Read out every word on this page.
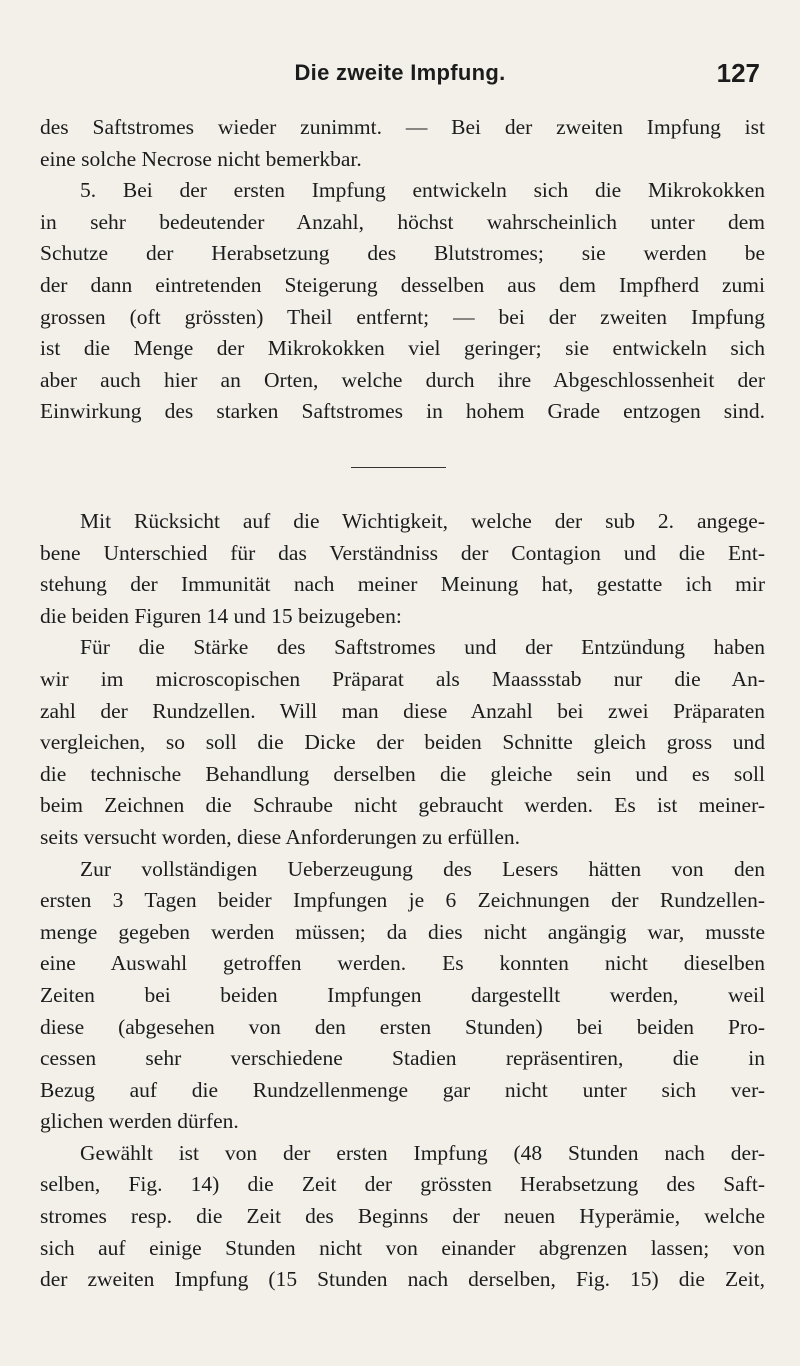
Die zweite Impfung.	127
des Saftstromes wieder zunimmt. — Bei der zweiten Impfung ist
eine solche Necrose nicht bemerkbar.
5. Bei der ersten Impfung entwickeln sich die Mikrokokken
in sehr bedeutender Anzahl, höchst wahrscheinlich unter dem
Schutze der Herabsetzung des Blutstromes; sie werden be
der dann eintretenden Steigerung desselben aus dem Impfherd zumi
grossen (oft grössten) Theil entfernt; — bei der zweiten Impfung
ist die Menge der Mikrokokken viel geringer; sie entwickeln sich
aber auch hier an Orten, welche durch ihre Abgeschlossenheit der
Einwirkung des starken Saftstromes in hohem Grade entzogen sind.
Mit Rücksicht auf die Wichtigkeit, welche der sub 2. angege-
bene Unterschied für das Verständniss der Contagion und die Ent-
stehung der Immunität nach meiner Meinung hat, gestatte ich mir
die beiden Figuren 14 und 15 beizugeben:
Für die Stärke des Saftstromes und der Entzündung haben
wir im microscopischen Präparat als Maassstab nur die An-
zahl der Rundzellen. Will man diese Anzahl bei zwei Präparaten
vergleichen, so soll die Dicke der beiden Schnitte gleich gross und
die technische Behandlung derselben die gleiche sein und es soll
beim Zeichnen die Schraube nicht gebraucht werden. Es ist meiner-
seits versucht worden, diese Anforderungen zu erfüllen.
Zur vollständigen Ueberzeugung des Lesers hätten von den
ersten 3 Tagen beider Impfungen je 6 Zeichnungen der Rundzellen-
menge gegeben werden müssen; da dies nicht angängig war, musste
eine Auswahl getroffen werden. Es konnten nicht dieselben
Zeiten bei beiden Impfungen dargestellt werden, weil
diese (abgesehen von den ersten Stunden) bei beiden Pro-
cessen sehr verschiedene Stadien repräsentiren, die in
Bezug auf die Rundzellenmenge gar nicht unter sich ver-
glichen werden dürfen.
Gewählt ist von der ersten Impfung (48 Stunden nach der-
selben, Fig. 14) die Zeit der grössten Herabsetzung des Saft-
stromes resp. die Zeit des Beginns der neuen Hyperämie, welche
sich auf einige Stunden nicht von einander abgrenzen lassen; von
der zweiten Impfung (15 Stunden nach derselben, Fig. 15) die Zeit,
